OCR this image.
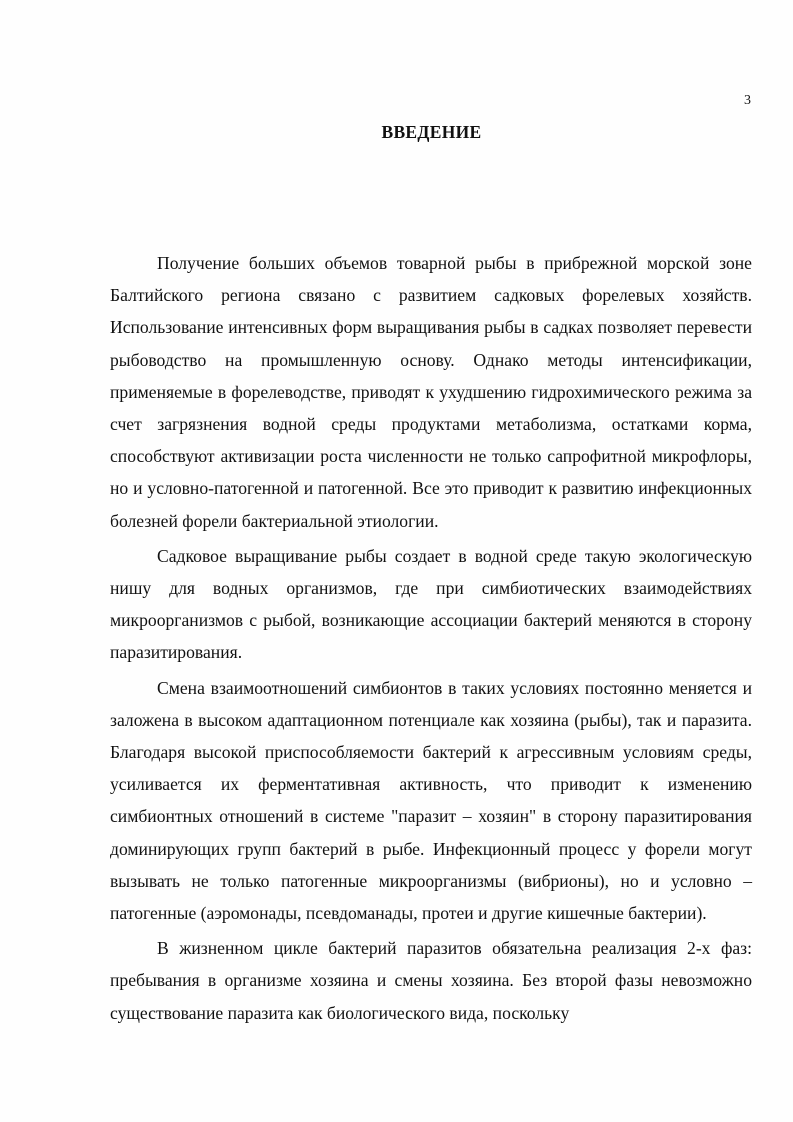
3
ВВЕДЕНИЕ

Получение больших объемов товарной рыбы в прибрежной морской зоне Балтийского региона связано с развитием садковых форелевых хозяйств. Использование интенсивных форм выращивания рыбы в садках позволяет перевести рыбоводство на промышленную основу. Однако методы интенсификации, применяемые в форелеводстве, приводят к ухудшению гидрохимического режима за счет загрязнения водной среды продуктами метаболизма, остатками корма, способствуют активизации роста численности не только сапрофитной микрофлоры, но и условно-патогенной и патогенной. Все это приводит к развитию инфекционных болезней форели бактериальной этиологии.

Садковое выращивание рыбы создает в водной среде такую экологическую нишу для водных организмов, где при симбиотических взаимодействиях микроорганизмов с рыбой, возникающие ассоциации бактерий меняются в сторону паразитирования.

Смена взаимоотношений симбионтов в таких условиях постоянно меняется и заложена в высоком адаптационном потенциале как хозяина (рыбы), так и паразита. Благодаря высокой приспособляемости бактерий к агрессивным условиям среды, усиливается их ферментативная активность, что приводит к изменению симбионтных отношений в системе "паразит – хозяин" в сторону паразитирования доминирующих групп бактерий в рыбе. Инфекционный процесс у форели могут вызывать не только патогенные микроорганизмы (вибрионы), но и условно – патогенные (аэромонады, псевдоманады, протеи и другие кишечные бактерии).

В жизненном цикле бактерий паразитов обязательна реализация 2-х фаз: пребывания в организме хозяина и смены хозяина. Без второй фазы невозможно существование паразита как биологического вида, поскольку
